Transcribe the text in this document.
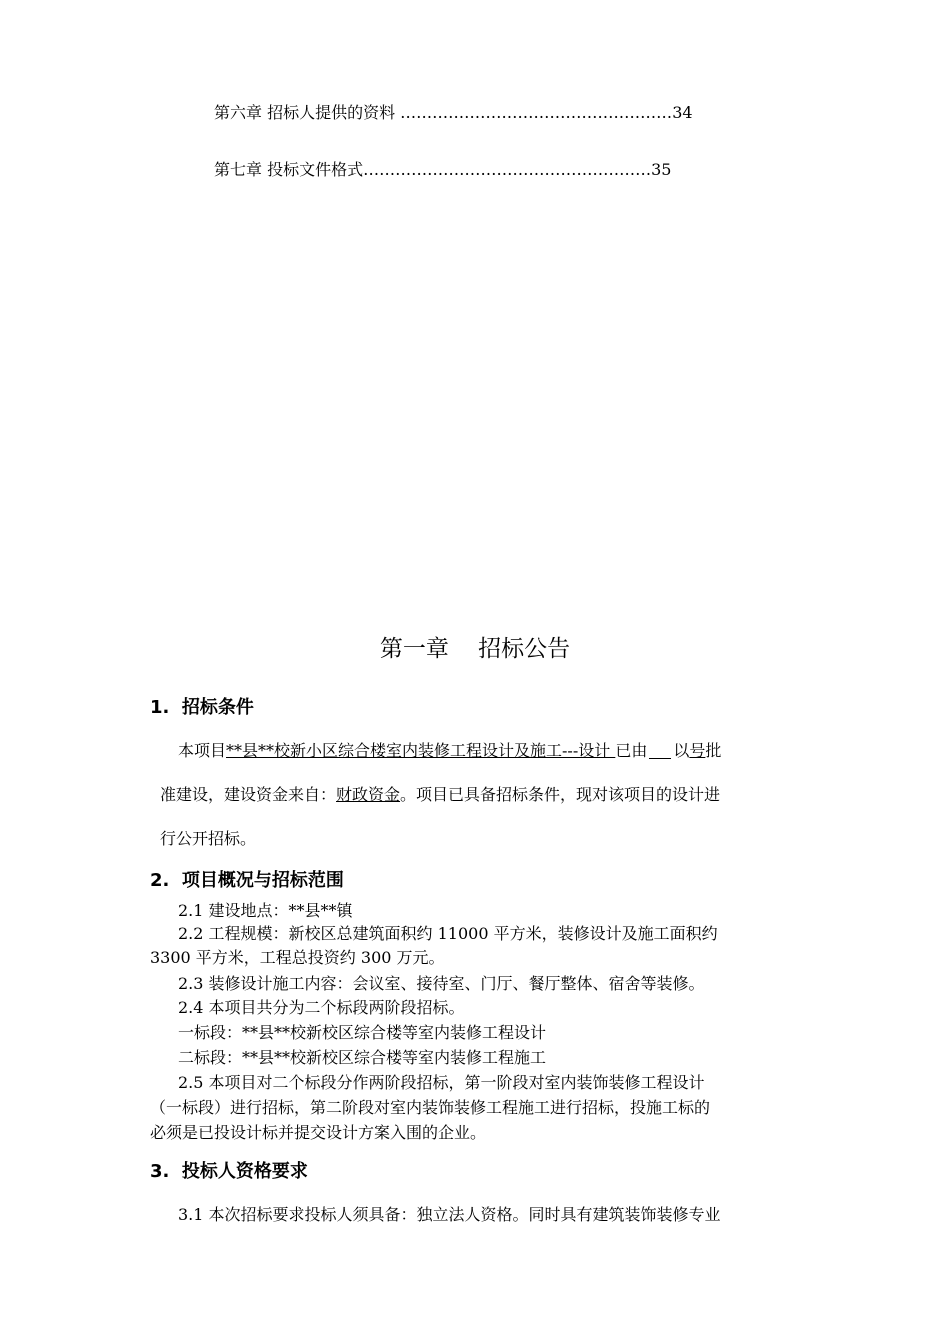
第六章 招标人提供的资料 ……………………………………………34
第七章 投标文件格式………………………………………………35
第一章    招标公告
1.  招标条件
本项目**县**校新小区综合楼室内装修工程设计及施工---设计 已由 以号批
准建设，建设资金来自：财政资金。项目已具备招标条件，现对该项目的设计进
行公开招标。
2.  项目概况与招标范围
2.1 建设地点：**县**镇
2.2 工程规模：新校区总建筑面积约 11000 平方米，装修设计及施工面积约
3300 平方米，工程总投资约 300 万元。
2.3 装修设计施工内容：会议室、接待室、门厅、餐厅整体、宿舍等装修。
2.4 本项目共分为二个标段两阶段招标。
一标段：**县**校新校区综合楼等室内装修工程设计
二标段：**县**校新校区综合楼等室内装修工程施工
2.5 本项目对二个标段分作两阶段招标，第一阶段对室内装饰装修工程设计
（一标段）进行招标，第二阶段对室内装饰装修工程施工进行招标，投施工标的
必须是已投设计标并提交设计方案入围的企业。
3.  投标人资格要求
3.1 本次招标要求投标人须具备：独立法人资格。同时具有建筑装饰装修专业
